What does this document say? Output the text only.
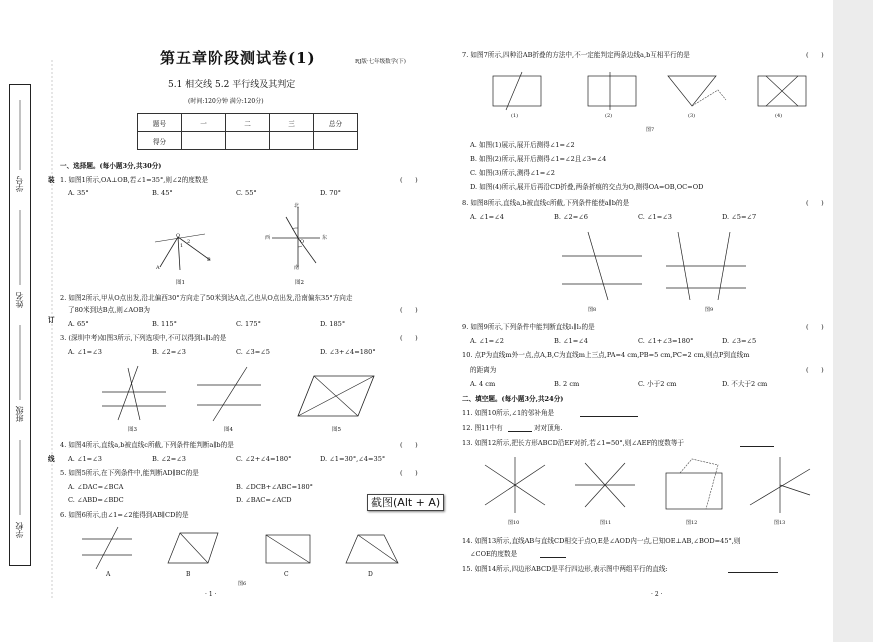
学号
姓名
班级
学校
装
订
线
第五章阶段测试卷(1)	RJ版·七年级数学(下)
5.1 相交线 5.2 平行线及其判定
(时间:120分钟 满分:120分)
题号	一	二	三	总分
得分				
一、选择题。(每小题3分,共30分)
1. 如图1所示,OA⊥OB,若∠1=35°,则∠2的度数是	(      )
A. 35°	B. 45°	C. 55°	D. 70°
A
O
B
1
2
图1
北
西	东
南
O
图2
2. 如图2所示,甲从O点出发,沿北偏西30°方向走了50米到达A点,乙也从O点出发,沿南偏东35°方向走
了80米到达B点,则∠AOB为	(      )
A. 65°	B. 115°	C. 175°	D. 185°
3. (深圳中考)如图3所示,下列选项中,不可以得到l₁∥l₂的是	(      )
A. ∠1=∠3	B. ∠2=∠3	C. ∠3=∠5	D. ∠3+∠4=180°
图3	图4	图5
4. 如图4所示,直线a,b被直线c所截,下列条件能判断a∥b的是	(      )
A. ∠1=∠3	B. ∠2=∠3	C. ∠2+∠4=180°	D. ∠1=30°,∠4=35°
5. 如图5所示,在下列条件中,能判断AD∥BC的是	(      )
A. ∠DAC=∠BCA	B. ∠DCB+∠ABC=180°
C. ∠ABD=∠BDC	D. ∠BAC=∠ACD
6. 如图6所示,由∠1=∠2能得到AB∥CD的是
A	B	C	D
图6
· 1 ·
截图(Alt + A)
7. 如图7所示,四种沿AB折叠的方法中,不一定能判定两条边线a,b互相平行的是	(      )
(1)	(2)	(3)	(4)
图7
A. 如图(1)展示,展开后测得∠1=∠2
B. 如图(2)所示,展开后测得∠1=∠2且∠3=∠4
C. 如图(3)所示,测得∠1=∠2
D. 如图(4)所示,展开后再沿CD折叠,两条折痕的交点为O,测得OA=OB,OC=OD
8. 如图8所示,直线a,b被直线c所截,下列条件能使a∥b的是	(      )
A. ∠1=∠4	B. ∠2=∠6	C. ∠1=∠3	D. ∠5=∠7
图8	图9
9. 如图9所示,下列条件中能判断直线l₁∥l₂的是	(      )
A. ∠1=∠2	B. ∠1=∠4	C. ∠1+∠3=180°	D. ∠3=∠5
10. 点P为直线m外一点,点A,B,C为直线m上三点,PA=4 cm,PB=5 cm,PC=2 cm,则点P到直线m
的距离为	(      )
A. 4 cm	B. 2 cm	C. 小于2 cm	D. 不大于2 cm
二、填空题。(每小题3分,共24分)
11. 如图10所示,∠1的邻补角是
12. 图11中有	对对顶角.
13. 如图12所示,把长方形ABCD沿EF对折,若∠1=50°,则∠AEF的度数等于
图10	图11	图12	图13
14. 如图13所示,直线AB与直线CD相交于点O,E是∠AOD内一点,已知OE⊥AB,∠BOD=45°,则
∠COE的度数是
15. 如图14所示,四边形ABCD是平行四边形,表示图中两组平行的直线:
· 2 ·
